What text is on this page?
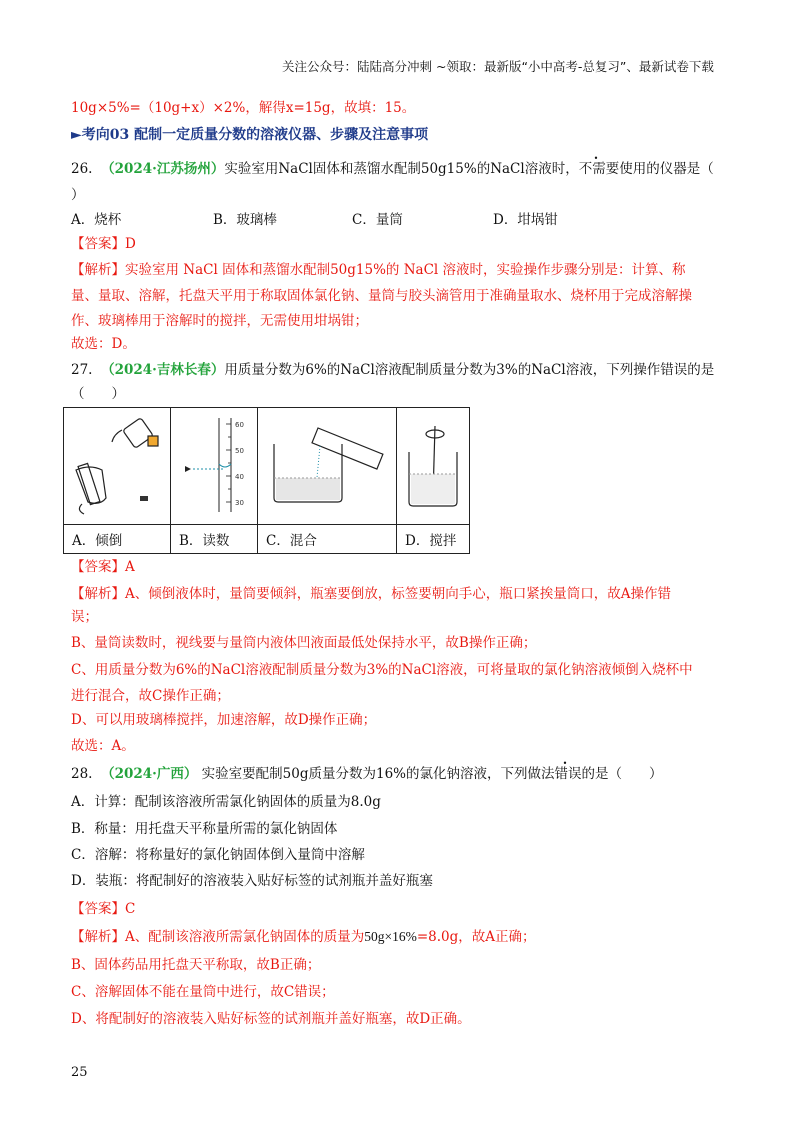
关注公众号：陆陆高分冲刺 ~领取：最新版“小中高考-总复习”、最新试卷下载
10g×5%=（10g+x）×2%，解得x=15g，故填：15。
►考向03 配制一定质量分数的溶液仪器、步骤及注意事项
26. （2024·江苏扬州）实验室用NaCl固体和蒸馏水配制50g15%的NaCl溶液时，不需要使用的仪器是（
）
A．烧杯	B．玻璃棒	C．量筒	D．坩埚钳
【答案】D
【解析】实验室用 NaCl 固体和蒸馏水配制50g15%的 NaCl 溶液时，实验操作步骤分别是：计算、称
量、量取、溶解，托盘天平用于称取固体氯化钠、量筒与胶头滴管用于准确量取水、烧杯用于完成溶解操
作、玻璃棒用于溶解时的搅拌，无需使用坩埚钳；
故选：D。
27. （2024·吉林长春）用质量分数为6%的NaCl溶液配制质量分数为3%的NaCl溶液，下列操作错误的是
（　　）

60
50
40
30

A．倾倒	B．读数	C．混合	D．搅拌
【答案】A
【解析】A、倾倒液体时，量筒要倾斜，瓶塞要倒放，标签要朝向手心，瓶口紧挨量筒口，故A操作错
误；
B、量筒读数时，视线要与量筒内液体凹液面最低处保持水平，故B操作正确；
C、用质量分数为6%的NaCl溶液配制质量分数为3%的NaCl溶液，可将量取的氯化钠溶液倾倒入烧杯中
进行混合，故C操作正确；
D、可以用玻璃棒搅拌，加速溶解，故D操作正确；
故选：A。
28. （2024·广西） 实验室要配制50g质量分数为16%的氯化钠溶液，下列做法错误的是（　　）
A．计算：配制该溶液所需氯化钠固体的质量为8.0g
B．称量：用托盘天平称量所需的氯化钠固体
C．溶解：将称量好的氯化钠固体倒入量筒中溶解
D．装瓶：将配制好的溶液装入贴好标签的试剂瓶并盖好瓶塞
【答案】C
【解析】A、配制该溶液所需氯化钠固体的质量为50g×16%=8.0g，故A正确；
B、固体药品用托盘天平称取，故B正确；
C、溶解固体不能在量筒中进行，故C错误；
D、将配制好的溶液装入贴好标签的试剂瓶并盖好瓶塞，故D正确。
25
